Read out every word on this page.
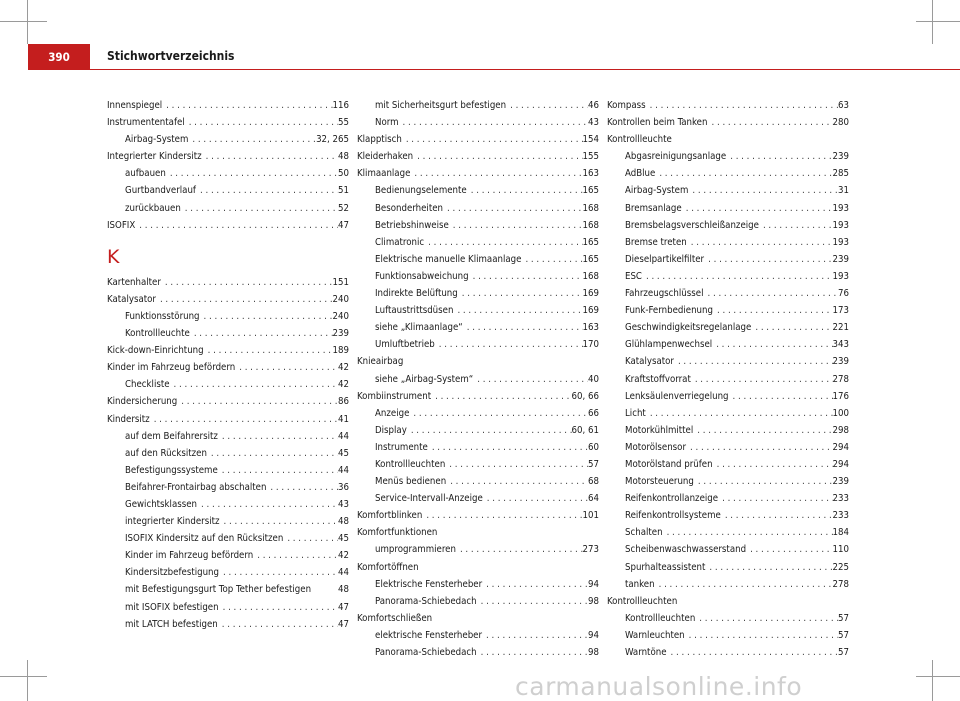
390	Stichwortverzeichnis
Innenspiegel . . .	116
Instrumententafel . . .	55
Airbag-System . . .	32, 265
Integrierter Kindersitz . . .	48
aufbauen . . .	50
Gurtbandverlauf . . .	51
zurückbauen . . .	52
ISOFIX . . .	47
K
Kartenhalter . . .	151
Katalysator . . .	240
Funktionsstörung . . .	240
Kontrollleuchte . . .	239
Kick-down-Einrichtung . . .	189
Kinder im Fahrzeug befördern . . .	42
Checkliste . . .	42
Kindersicherung . . .	86
Kindersitz . . .	41
auf dem Beifahrersitz . . .	44
auf den Rücksitzen . . .	45
Befestigungssysteme . . .	44
Beifahrer-Frontairbag abschalten . . .	36
Gewichtsklassen . . .	43
integrierter Kindersitz . . .	48
ISOFIX Kindersitz auf den Rücksitzen . . .	45
Kinder im Fahrzeug befördern . . .	42
Kindersitzbefestigung . . .	44
mit Befestigungsgurt Top Tether befestigen	48
mit ISOFIX befestigen . . .	47
mit LATCH befestigen . . .	47
mit Sicherheitsgurt befestigen . . .	46
Norm . . .	43
Klapptisch . . .	154
Kleiderhaken . . .	155
Klimaanlage . . .	163
Bedienungselemente . . .	165
Besonderheiten . . .	168
Betriebshinweise . . .	168
Climatronic . . .	165
Elektrische manuelle Klimaanlage . . .	165
Funktionsabweichung . . .	168
Indirekte Belüftung . . .	169
Luftaustrittsdüsen . . .	169
siehe „Klimaanlage“ . . .	163
Umluftbetrieb . . .	170
Knieairbag
siehe „Airbag-System“ . . .	40
Kombiinstrument . . .	60, 66
Anzeige . . .	66
Display . . .	60, 61
Instrumente . . .	60
Kontrollleuchten . . .	57
Menüs bedienen . . .	68
Service-Intervall-Anzeige . . .	64
Komfortblinken . . .	101
Komfortfunktionen
umprogrammieren . . .	273
Komfortöffnen
Elektrische Fensterheber . . .	94
Panorama-Schiebedach . . .	98
Komfortschließen
elektrische Fensterheber . . .	94
Panorama-Schiebedach . . .	98
Kompass . . .	63
Kontrollen beim Tanken . . .	280
Kontrollleuchte
Abgasreinigungsanlage . . .	239
AdBlue . . .	285
Airbag-System . . .	31
Bremsanlage . . .	193
Bremsbelagsverschleißanzeige . . .	193
Bremse treten . . .	193
Dieselpartikelfilter . . .	239
ESC . . .	193
Fahrzeugschlüssel . . .	76
Funk-Fernbedienung . . .	173
Geschwindigkeitsregelanlage . . .	221
Glühlampenwechsel . . .	343
Katalysator . . .	239
Kraftstoffvorrat . . .	278
Lenksäulenverriegelung . . .	176
Licht . . .	100
Motorkühlmittel . . .	298
Motorölsensor . . .	294
Motorölstand prüfen . . .	294
Motorsteuerung . . .	239
Reifenkontrollanzeige . . .	233
Reifenkontrollsysteme . . .	233
Schalten . . .	184
Scheibenwaschwasserstand . . .	110
Spurhalteassistent . . .	225
tanken . . .	278
Kontrollleuchten
Kontrollleuchten . . .	57
Warnleuchten . . .	57
Warntöne . . .	57
carmanualsonline.info
